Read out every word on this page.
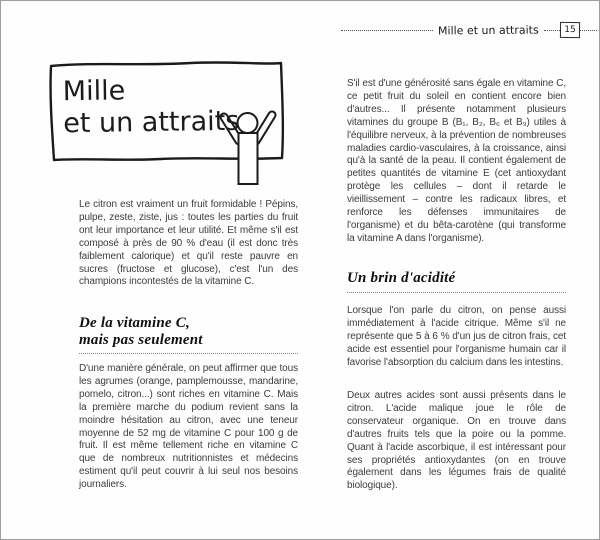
Mille et un attraits	15
Mille
et un attraits

Le citron est vraiment un fruit formidable ! Pépins, pulpe, zeste, ziste, jus : toutes les parties du fruit ont leur importance et leur utilité. Et même s'il est composé à près de 90 % d'eau (il est donc très faiblement calorique) et qu'il reste pauvre en sucres (fructose et glucose), c'est l'un des champions incontestés de la vitamine C.

De la vitamine C,
mais pas seulement

D'une manière générale, on peut affirmer que tous les agrumes (orange, pamplemousse, mandarine, pomelo, citron...) sont riches en vitamine C. Mais la première marche du podium revient sans la moindre hésitation au citron, avec une teneur moyenne de 52 mg de vitamine C pour 100 g de fruit. Il est même tellement riche en vitamine C que de nombreux nutritionnistes et médecins estiment qu'il peut couvrir à lui seul nos besoins journaliers.

S'il est d'une générosité sans égale en vitamine C, ce petit fruit du soleil en contient encore bien d'autres... Il présente notamment plusieurs vitamines du groupe B (B₁, B₂, B₆ et B₉) utiles à l'équilibre nerveux, à la prévention de nombreuses maladies cardio-vasculaires, à la croissance, ainsi qu'à la santé de la peau. Il contient également de petites quantités de vitamine E (cet antioxydant protège les cellules – dont il retarde le vieillissement – contre les radicaux libres, et renforce les défenses immunitaires de l'organisme) et du bêta-carotène (qui transforme la vitamine A dans l'organisme).

Un brin d'acidité

Lorsque l'on parle du citron, on pense aussi immédiatement à l'acide citrique. Même s'il ne représente que 5 à 6 % d'un jus de citron frais, cet acide est essentiel pour l'organisme humain car il favorise l'absorption du calcium dans les intestins.

Deux autres acides sont aussi présents dans le citron. L'acide malique joue le rôle de conservateur organique. On en trouve dans d'autres fruits tels que la poire ou la pomme. Quant à l'acide ascorbique, il est intéressant pour ses propriétés antioxydantes (on en trouve également dans les légumes frais de qualité biologique).
